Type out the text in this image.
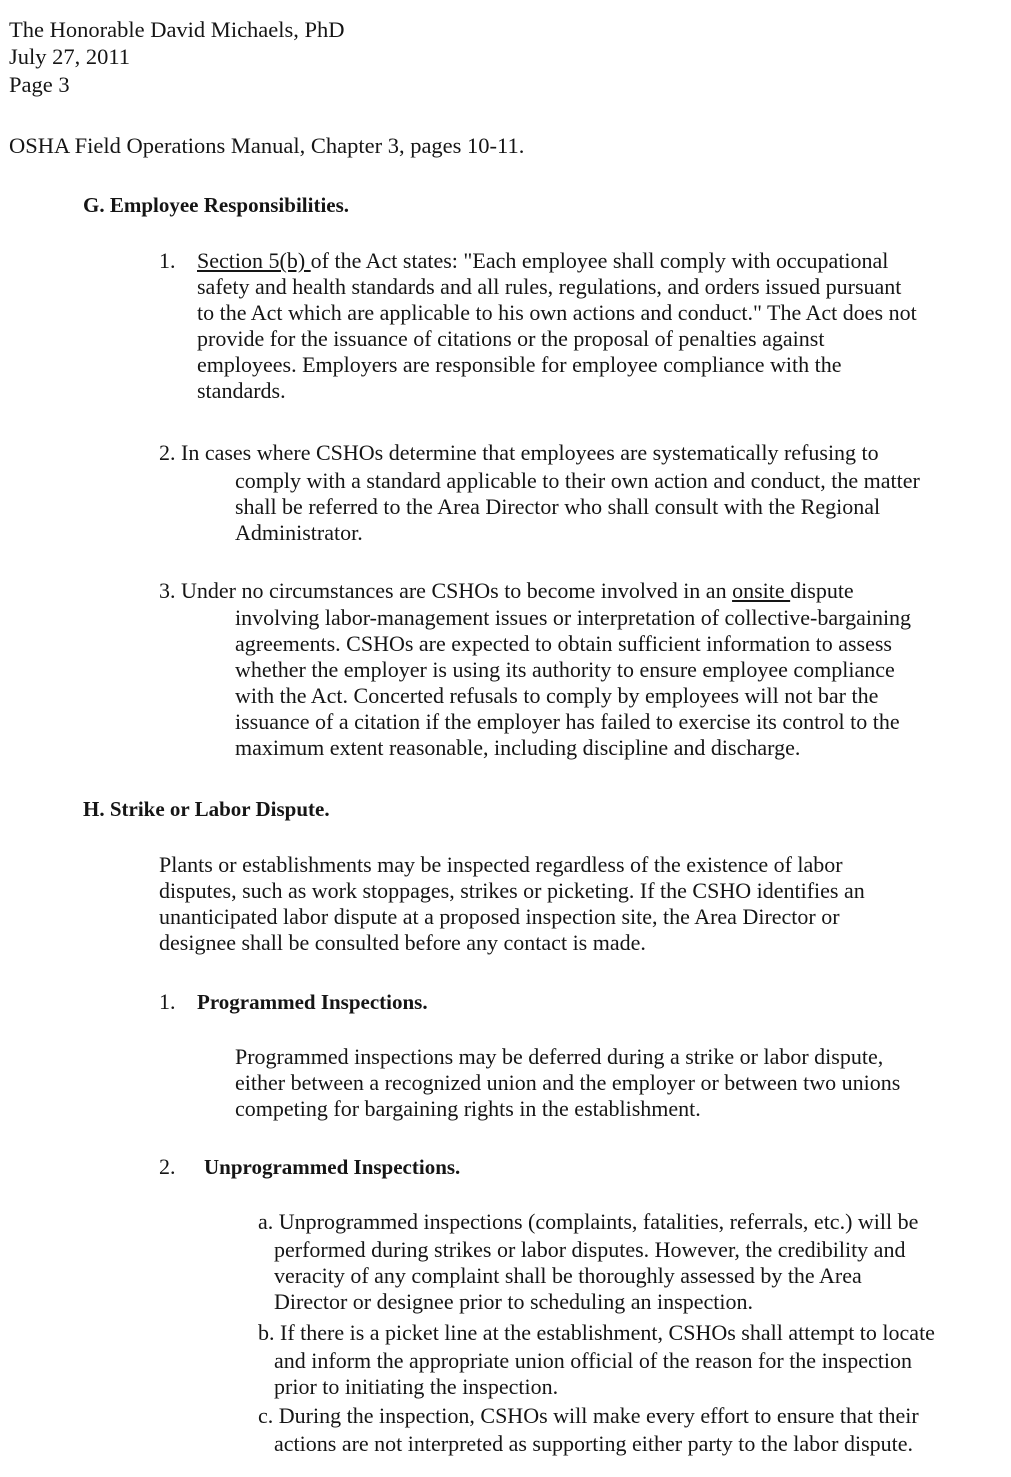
The Honorable David Michaels, PhD
July 27, 2011
Page 3
OSHA Field Operations Manual, Chapter 3, pages 10-11.
G. Employee Responsibilities.
1. Section 5(b) of the Act states: "Each employee shall comply with occupational
safety and health standards and all rules, regulations, and orders issued pursuant
to the Act which are applicable to his own actions and conduct." The Act does not
provide for the issuance of citations or the proposal of penalties against
employees. Employers are responsible for employee compliance with the
standards.
2. In cases where CSHOs determine that employees are systematically refusing to
comply with a standard applicable to their own action and conduct, the matter
shall be referred to the Area Director who shall consult with the Regional
Administrator.
3. Under no circumstances are CSHOs to become involved in an onsite dispute
involving labor-management issues or interpretation of collective-bargaining
agreements. CSHOs are expected to obtain sufficient information to assess
whether the employer is using its authority to ensure employee compliance
with the Act. Concerted refusals to comply by employees will not bar the
issuance of a citation if the employer has failed to exercise its control to the
maximum extent reasonable, including discipline and discharge.
H. Strike or Labor Dispute.
Plants or establishments may be inspected regardless of the existence of labor
disputes, such as work stoppages, strikes or picketing. If the CSHO identifies an
unanticipated labor dispute at a proposed inspection site, the Area Director or
designee shall be consulted before any contact is made.
1. Programmed Inspections.
Programmed inspections may be deferred during a strike or labor dispute,
either between a recognized union and the employer or between two unions
competing for bargaining rights in the establishment.
2. Unprogrammed Inspections.
a. Unprogrammed inspections (complaints, fatalities, referrals, etc.) will be
performed during strikes or labor disputes. However, the credibility and
veracity of any complaint shall be thoroughly assessed by the Area
Director or designee prior to scheduling an inspection.
b. If there is a picket line at the establishment, CSHOs shall attempt to locate
and inform the appropriate union official of the reason for the inspection
prior to initiating the inspection.
c. During the inspection, CSHOs will make every effort to ensure that their
actions are not interpreted as supporting either party to the labor dispute.
